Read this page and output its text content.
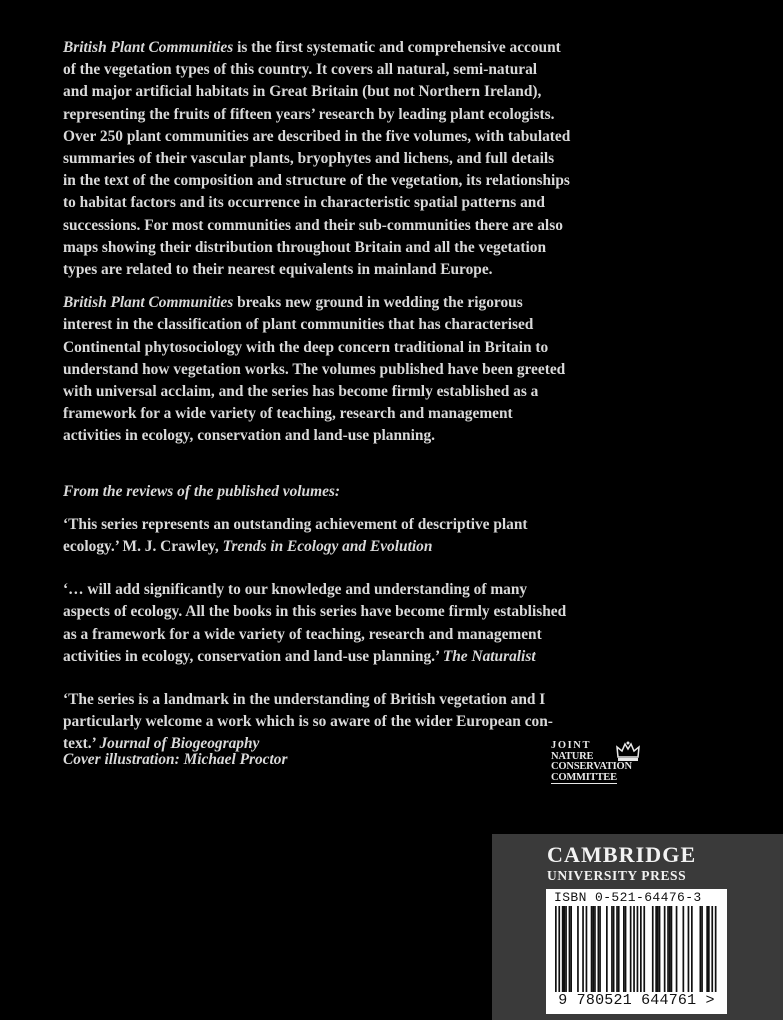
British Plant Communities is the first systematic and comprehensive account
of the vegetation types of this country. It covers all natural, semi-natural
and major artificial habitats in Great Britain (but not Northern Ireland),
representing the fruits of fifteen years’ research by leading plant ecologists.
Over 250 plant communities are described in the five volumes, with tabulated
summaries of their vascular plants, bryophytes and lichens, and full details
in the text of the composition and structure of the vegetation, its relationships
to habitat factors and its occurrence in characteristic spatial patterns and
successions. For most communities and their sub-communities there are also
maps showing their distribution throughout Britain and all the vegetation
types are related to their nearest equivalents in mainland Europe.
British Plant Communities breaks new ground in wedding the rigorous
interest in the classification of plant communities that has characterised
Continental phytosociology with the deep concern traditional in Britain to
understand how vegetation works. The volumes published have been greeted
with universal acclaim, and the series has become firmly established as a
framework for a wide variety of teaching, research and management
activities in ecology, conservation and land-use planning.
From the reviews of the published volumes:
‘This series represents an outstanding achievement of descriptive plant
ecology.’ M. J. Crawley, Trends in Ecology and Evolution
‘… will add significantly to our knowledge and understanding of many
aspects of ecology. All the books in this series have become firmly established
as a framework for a wide variety of teaching, research and management
activities in ecology, conservation and land-use planning.’ The Naturalist
‘The series is a landmark in the understanding of British vegetation and I
particularly welcome a work which is so aware of the wider European con-
text.’ Journal of Biogeography
Cover illustration: Michael Proctor
JOINT
NATURE
CONSERVATION
COMMITTEE
CAMBRIDGE
UNIVERSITY PRESS
ISBN 0-521-64476-3
9 780521 644761 >
